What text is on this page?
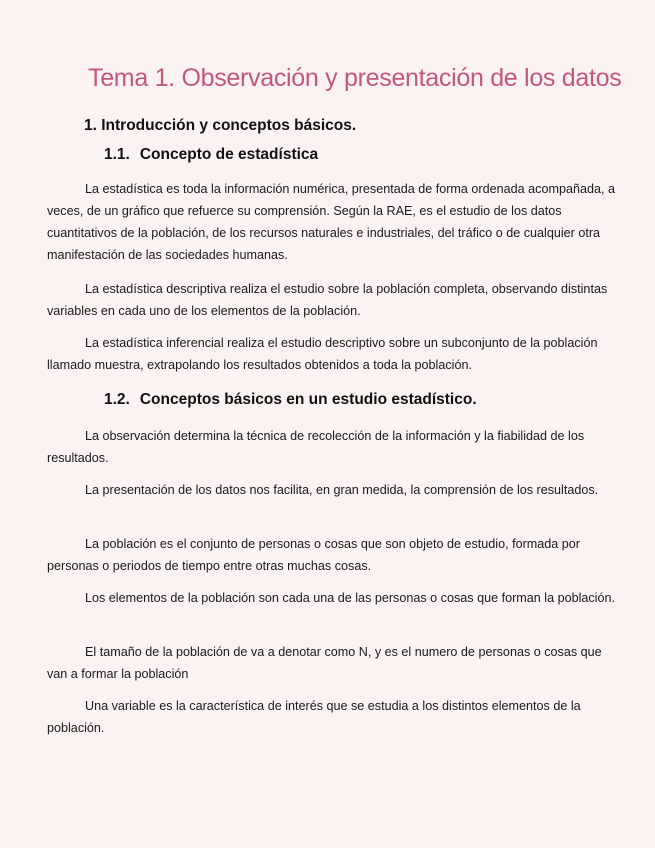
Tema 1. Observación y presentación de los datos
1. Introducción y conceptos básicos.
1.1. Concepto de estadística

La estadística es toda la información numérica, presentada de forma ordenada acompañada, a veces, de un gráfico que refuerce su comprensión. Según la RAE, es el estudio de los datos cuantitativos de la población, de los recursos naturales e industriales, del tráfico o de cualquier otra manifestación de las sociedades humanas.

La estadística descriptiva realiza el estudio sobre la población completa, observando distintas variables en cada uno de los elementos de la población.

La estadística inferencial realiza el estudio descriptivo sobre un subconjunto de la población llamado muestra, extrapolando los resultados obtenidos a toda la población.

1.2. Conceptos básicos en un estudio estadístico.

La observación determina la técnica de recolección de la información y la fiabilidad de los resultados.

La presentación de los datos nos facilita, en gran medida, la comprensión de los resultados.

La población es el conjunto de personas o cosas que son objeto de estudio, formada por personas o periodos de tiempo entre otras muchas cosas.

Los elementos de la población son cada una de las personas o cosas que forman la población.

El tamaño de la población de va a denotar como N, y es el numero de personas o cosas que van a formar la población

Una variable es la característica de interés que se estudia a los distintos elementos de la población.
